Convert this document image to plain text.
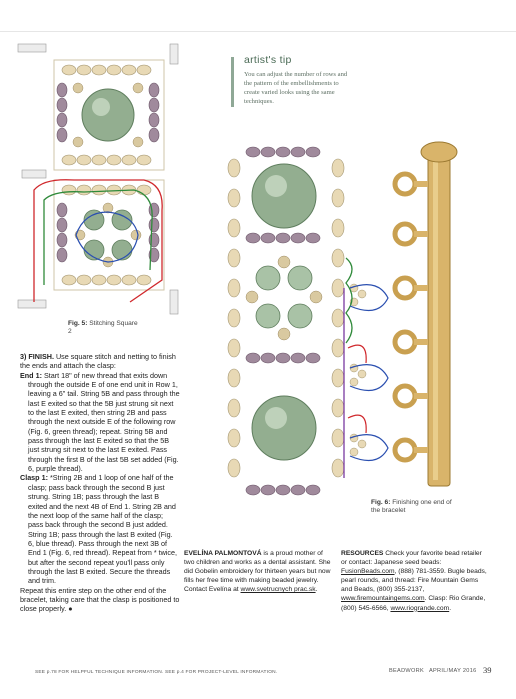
artist's tip
You can adjust the number of rows and the pattern of the embellishments to create varied looks using the same techniques.
Fig. 5: Stitching Square 2
Fig. 6: Finishing one end of the bracelet

3) FINISH. Use square stitch and netting to finish the ends and attach the clasp:

End 1: Start 18" of new thread that exits down through the outside E of one end unit in Row 1, leaving a 6" tail. String 5B and pass through the last E exited so that the 5B just strung sit next to the last E exited, then string 2B and pass through the next outside E of the following row (Fig. 6, green thread); repeat. String 5B and pass through the last E exited so that the 5B just strung sit next to the last E exited. Pass through the first B of the last 5B set added (Fig. 6, purple thread).

Clasp 1: *String 2B and 1 loop of one half of the clasp; pass back through the second B just strung. String 1B; pass through the last B exited and the next 4B of End 1. String 2B and the next loop of the same half of the clasp; pass back through the second B just added. String 1B; pass through the last B exited (Fig. 6, blue thread). Pass through the next 3B of End 1 (Fig. 6, red thread). Repeat from * twice, but after the second repeat you'll pass only through the last B exited. Secure the threads and trim.

Repeat this entire step on the other end of the bracelet, taking care that the clasp is positioned to close properly. ●

EVELÍNA PALMONTOVÁ is a proud mother of two children and works as a dental assistant. She did Gobelin embroidery for thirteen years but now fills her free time with making beaded jewelry. Contact Evelína at www.svetrucnych prac.sk.
RESOURCES Check your favorite bead retailer or contact: Japanese seed beads: FusionBeads.com, (888) 781-3559. Bugle beads, pearl rounds, and thread: Fire Mountain Gems and Beads, (800) 355-2137, www.firemountaingems.com. Clasp: Rio Grande, (800) 545-6566, www.riogrande.com.
SEE p.78 FOR HELPFUL TECHNIQUE INFORMATION. SEE p.4 FOR PROJECT-LEVEL INFORMATION.	BEADWORK APRIL/MAY 2016 39
